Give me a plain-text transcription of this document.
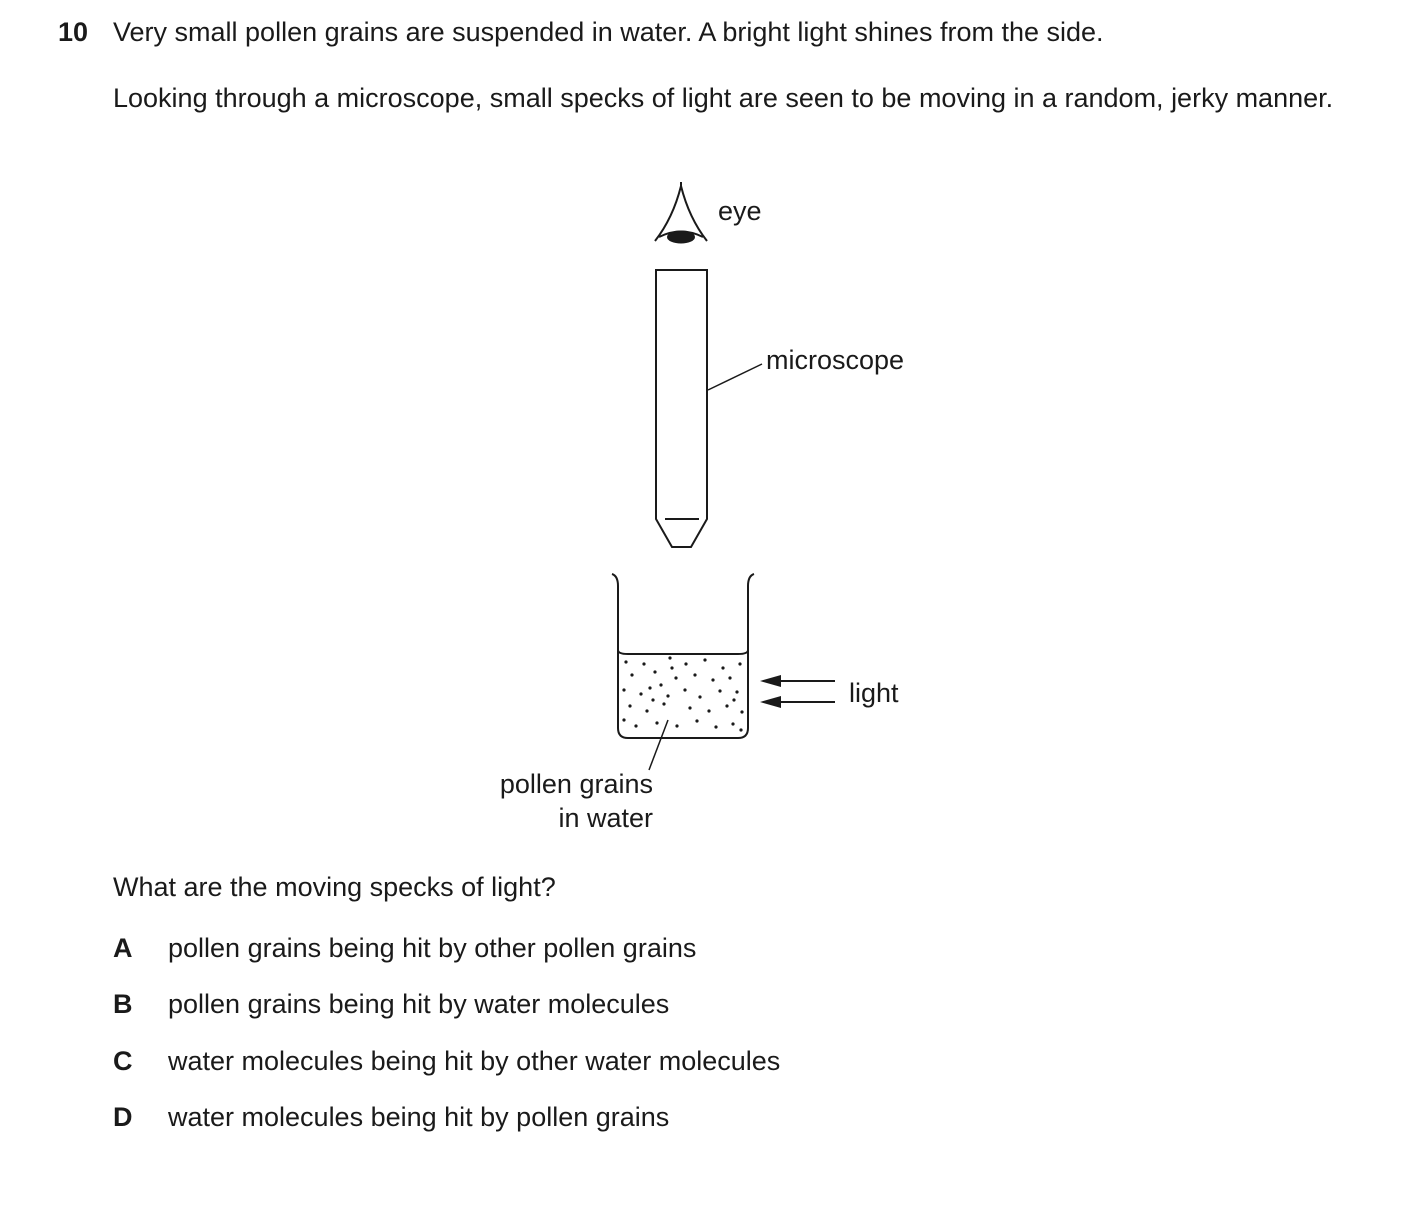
10 Very small pollen grains are suspended in water. A bright light shines from the side.
Looking through a microscope, small specks of light are seen to be moving in a random, jerky manner.
eye
microscope
pollen grains
in water
light
What are the moving specks of light?
A pollen grains being hit by other pollen grains
B pollen grains being hit by water molecules
C water molecules being hit by other water molecules
D water molecules being hit by pollen grains
